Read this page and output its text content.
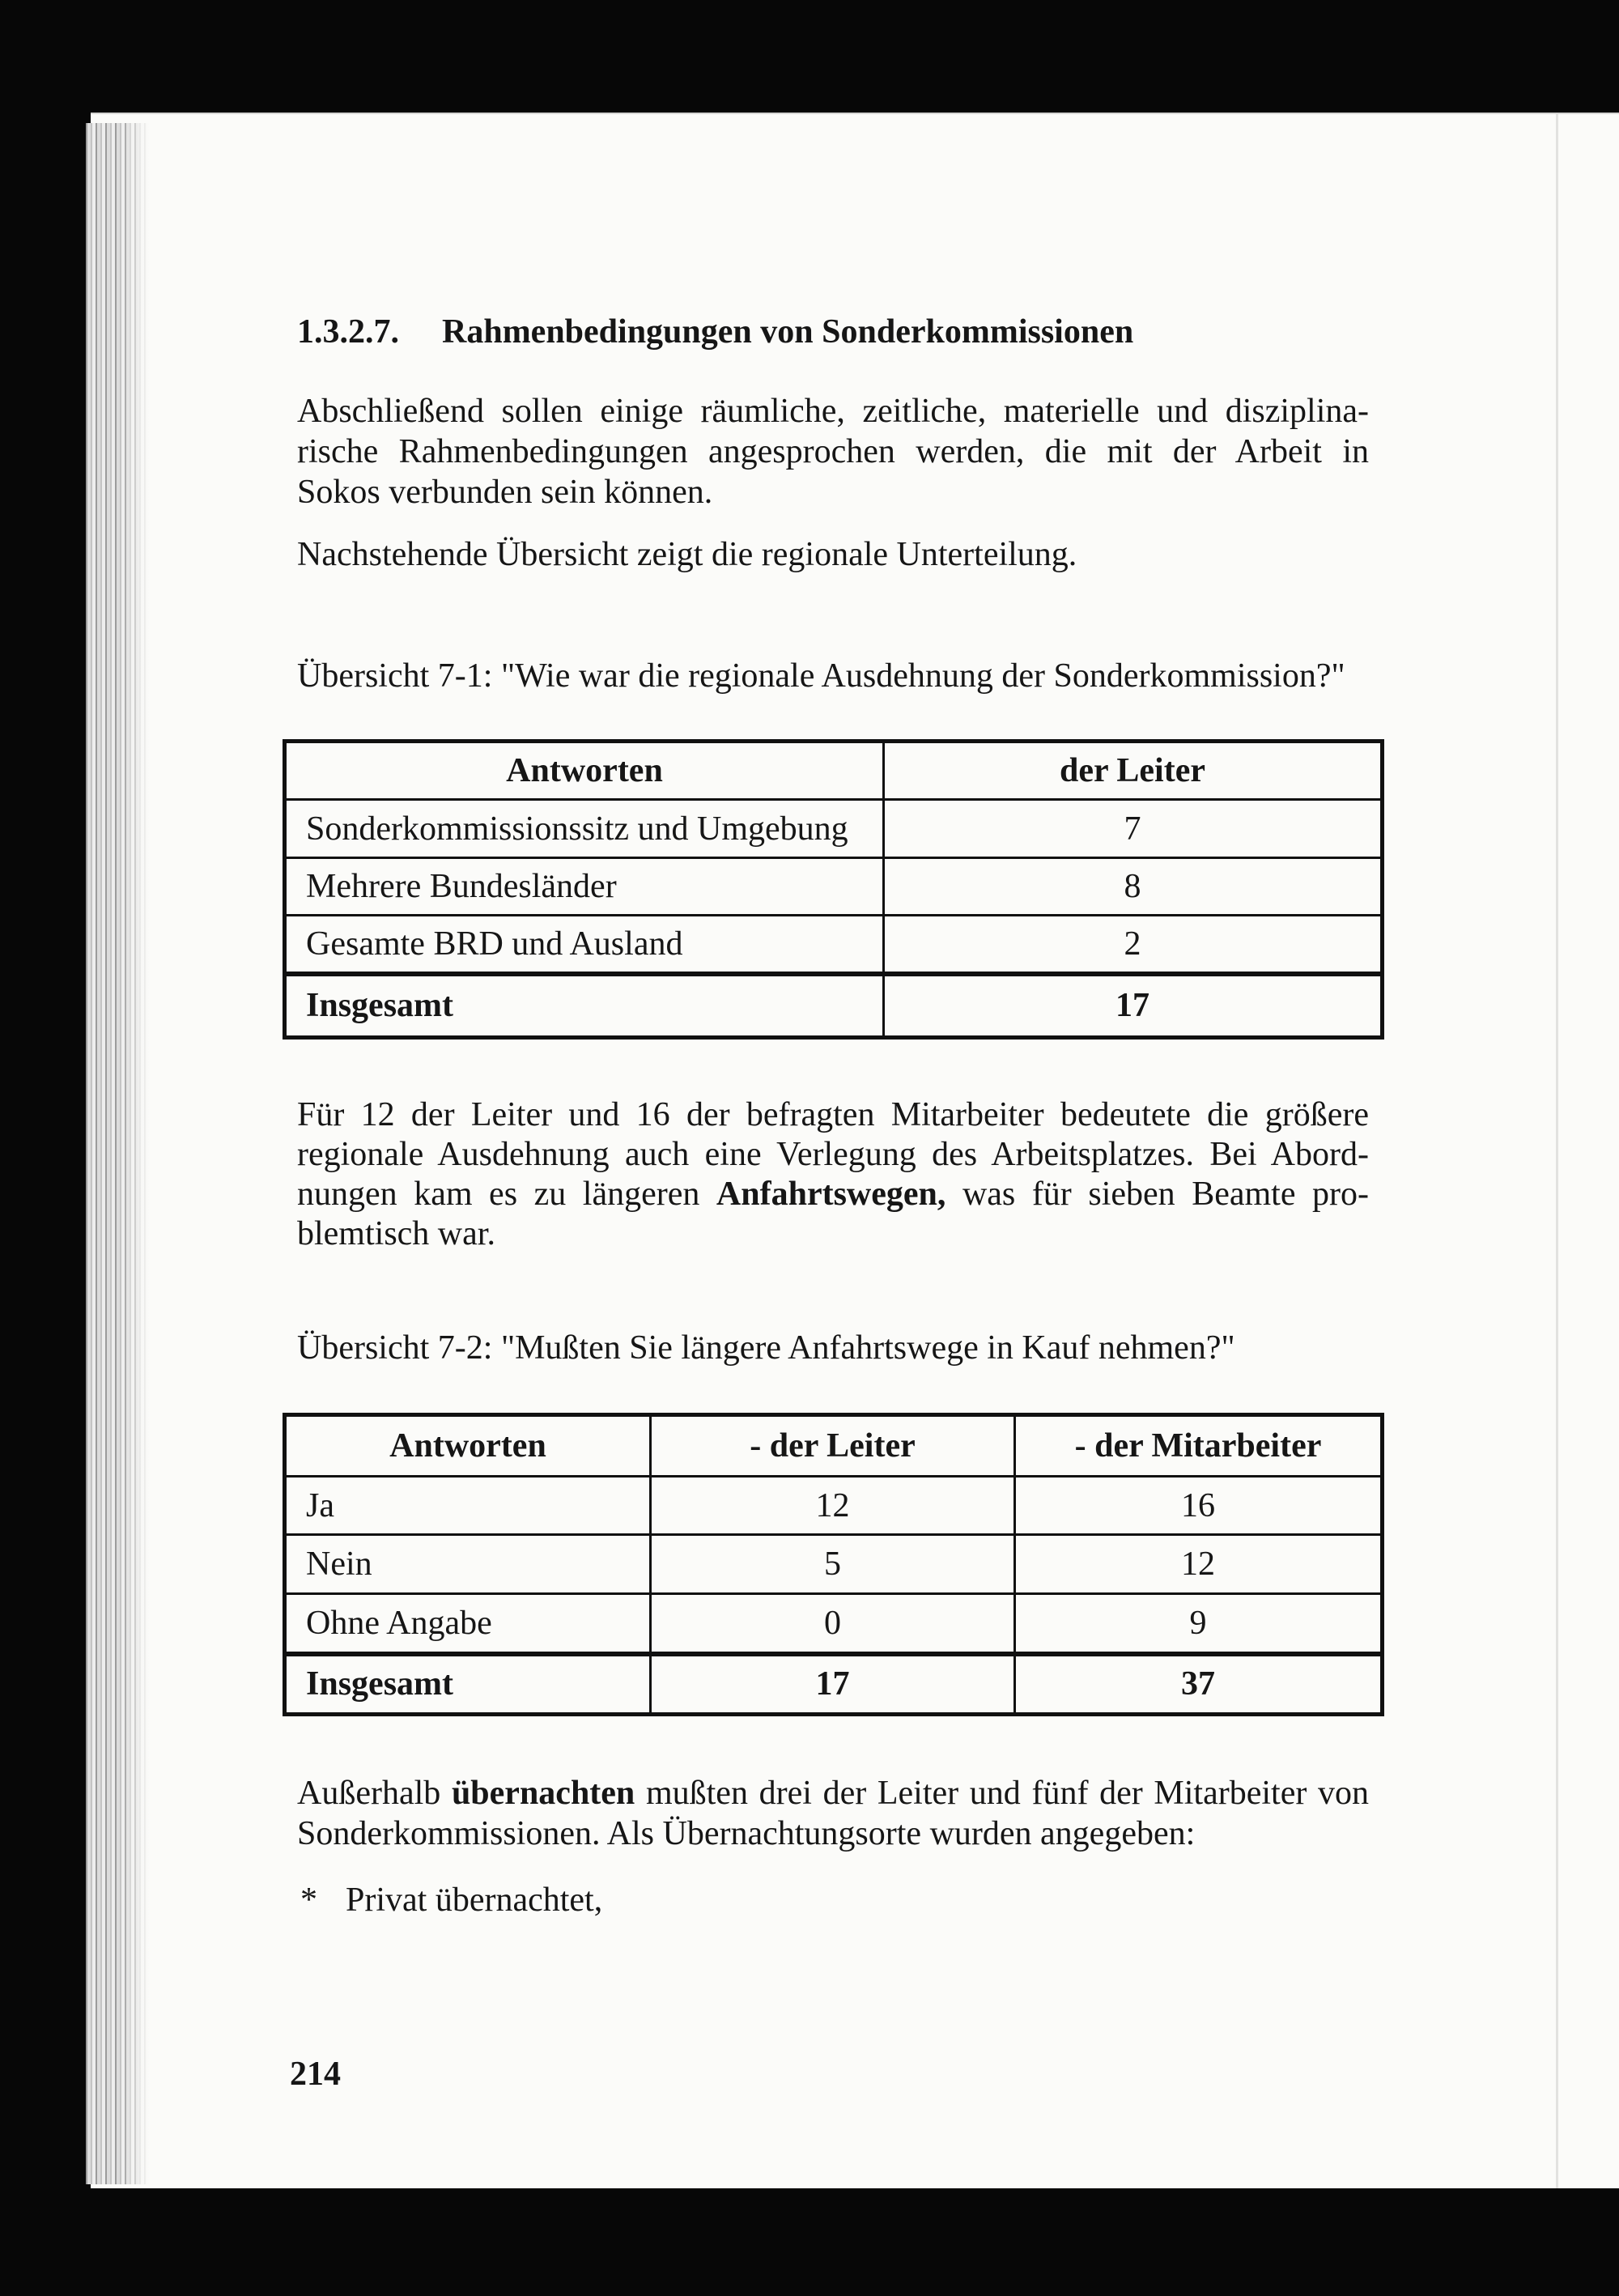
1.3.2.7. Rahmenbedingungen von Sonderkommissionen
Abschließend sollen einige räumliche, zeitliche, materielle und disziplina-
rische Rahmenbedingungen angesprochen werden, die mit der Arbeit in
Sokos verbunden sein können.
Nachstehende Übersicht zeigt die regionale Unterteilung.
Übersicht 7-1: "Wie war die regionale Ausdehnung der Sonderkommission?"
Antworten	der Leiter
Sonderkommissionssitz und Umgebung	7
Mehrere Bundesländer	8
Gesamte BRD und Ausland	2
Insgesamt	17
Für 12 der Leiter und 16 der befragten Mitarbeiter bedeutete die größere
regionale Ausdehnung auch eine Verlegung des Arbeitsplatzes. Bei Abord-
nungen kam es zu längeren Anfahrtswegen, was für sieben Beamte pro-
blemtisch war.
Übersicht 7-2: "Mußten Sie längere Anfahrtswege in Kauf nehmen?"
Antworten	- der Leiter	- der Mitarbeiter
Ja	12	16
Nein	5	12
Ohne Angabe	0	9
Insgesamt	17	37
Außerhalb übernachten mußten drei der Leiter und fünf der Mitarbeiter von
Sonderkommissionen. Als Übernachtungsorte wurden angegeben:
* Privat übernachtet,
214
